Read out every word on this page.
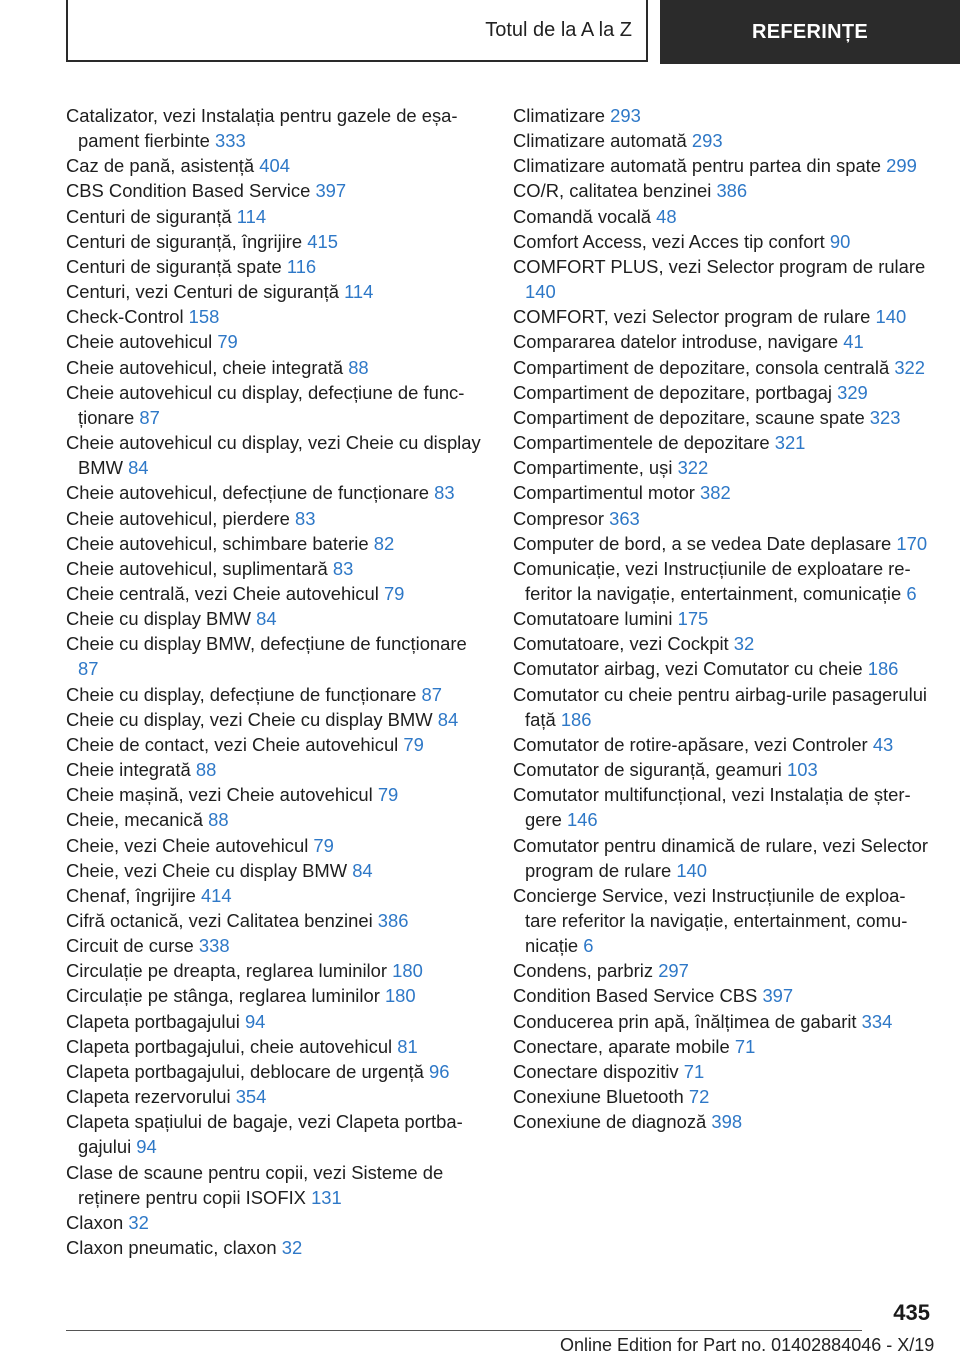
Totul de la A la Z	REFERINȚE
Catalizator, vezi Instalația pentru gazele de eșapament fierbinte 333
Caz de pană, asistență 404
CBS Condition Based Service 397
Centuri de siguranță 114
Centuri de siguranță, îngrijire 415
Centuri de siguranță spate 116
Centuri, vezi Centuri de siguranță 114
Check-Control 158
Cheie autovehicul 79
Cheie autovehicul, cheie integrată 88
Cheie autovehicul cu display, defecțiune de funcționare 87
Cheie autovehicul cu display, vezi Cheie cu display BMW 84
Cheie autovehicul, defecțiune de funcționare 83
Cheie autovehicul, pierdere 83
Cheie autovehicul, schimbare baterie 82
Cheie autovehicul, suplimentară 83
Cheie centrală, vezi Cheie autovehicul 79
Cheie cu display BMW 84
Cheie cu display BMW, defecțiune de funcționare 87
Cheie cu display, defecțiune de funcționare 87
Cheie cu display, vezi Cheie cu display BMW 84
Cheie de contact, vezi Cheie autovehicul 79
Cheie integrată 88
Cheie mașină, vezi Cheie autovehicul 79
Cheie, mecanică 88
Cheie, vezi Cheie autovehicul 79
Cheie, vezi Cheie cu display BMW 84
Chenaf, îngrijire 414
Cifră octanică, vezi Calitatea benzinei 386
Circuit de curse 338
Circulație pe dreapta, reglarea luminilor 180
Circulație pe stânga, reglarea luminilor 180
Clapeta portbagajului 94
Clapeta portbagajului, cheie autovehicul 81
Clapeta portbagajului, deblocare de urgență 96
Clapeta rezervorului 354
Clapeta spațiului de bagaje, vezi Clapeta portbagajului 94
Clase de scaune pentru copii, vezi Sisteme de reținere pentru copii ISOFIX 131
Claxon 32
Claxon pneumatic, claxon 32
Climatizare 293
Climatizare automată 293
Climatizare automată pentru partea din spate 299
CO/R, calitatea benzinei 386
Comandă vocală 48
Comfort Access, vezi Acces tip confort 90
COMFORT PLUS, vezi Selector program de rulare 140
COMFORT, vezi Selector program de rulare 140
Compararea datelor introduse, navigare 41
Compartiment de depozitare, consola centrală 322
Compartiment de depozitare, portbagaj 329
Compartiment de depozitare, scaune spate 323
Compartimentele de depozitare 321
Compartimente, uși 322
Compartimentul motor 382
Compresor 363
Computer de bord, a se vedea Date deplasare 170
Comunicație, vezi Instrucțiunile de exploatare referitor la navigație, entertainment, comunicație 6
Comutatoare lumini 175
Comutatoare, vezi Cockpit 32
Comutator airbag, vezi Comutator cu cheie 186
Comutator cu cheie pentru airbag-urile pasagerului față 186
Comutator de rotire-apăsare, vezi Controler 43
Comutator de siguranță, geamuri 103
Comutator multifuncțional, vezi Instalația de ștergere 146
Comutator pentru dinamică de rulare, vezi Selector program de rulare 140
Concierge Service, vezi Instrucțiunile de exploatare referitor la navigație, entertainment, comunicație 6
Condens, parbriz 297
Condition Based Service CBS 397
Conducerea prin apă, înălțimea de gabarit 334
Conectare, aparate mobile 71
Conectare dispozitiv 71
Conexiune Bluetooth 72
Conexiune de diagnoză 398
435
Online Edition for Part no. 01402884046 - X/19
